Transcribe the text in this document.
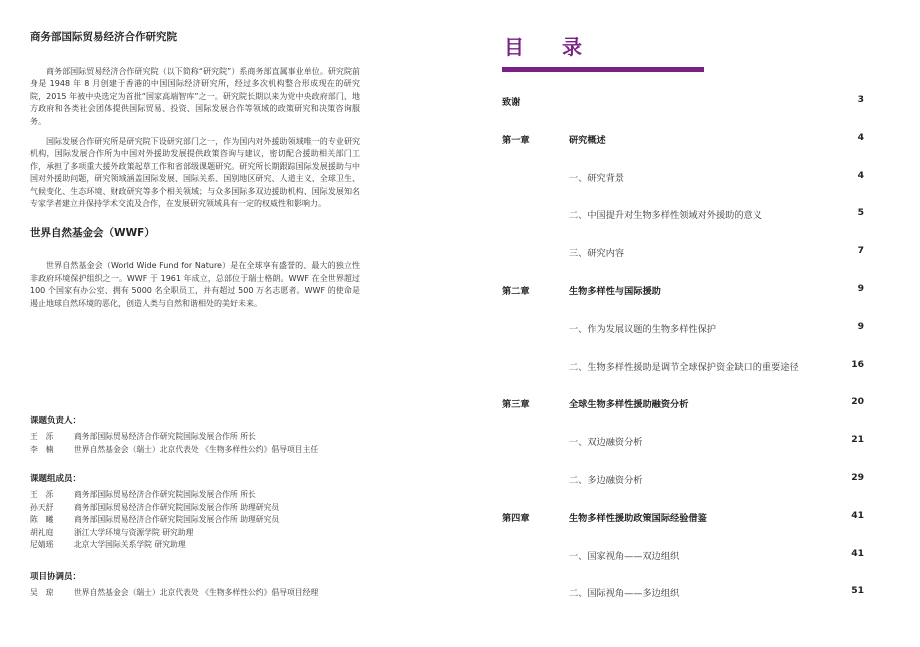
商务部国际贸易经济合作研究院

商务部国际贸易经济合作研究院（以下简称“研究院”）系商务部直属事业单位。研究院前身是 1948 年 8 月创建于香港的中国国际经济研究所，经过多次机构整合形成现在的研究院，2015 年被中央选定为首批“国家高端智库”之一。研究院长期以来为党中央政府部门、地方政府和各类社会团体提供国际贸易、投资、国际发展合作等领域的政策研究和决策咨询服务。

国际发展合作研究所是研究院下设研究部门之一，作为国内对外援助领域唯一的专业研究机构，国际发展合作所为中国对外援助发展提供政策咨询与建议，密切配合援助相关部门工作，承担了多项重大援外政策起草工作和省部级课题研究。研究所长期跟踪国际发展援助与中国对外援助问题，研究领域涵盖国际发展、国际关系、国别地区研究、人道主义、全球卫生、气候变化、生态环境、财政研究等多个相关领域；与众多国际多双边援助机构、国际发展知名专家学者建立并保持学术交流及合作，在发展研究领域具有一定的权威性和影响力。

世界自然基金会（WWF）

世界自然基金会（World Wide Fund for Nature）是在全球享有盛誉的、最大的独立性非政府环境保护组织之一。WWF 于 1961 年成立，总部位于瑞士格朗。WWF 在全世界超过 100 个国家有办公室、拥有 5000 名全职员工，并有超过 500 万名志愿者。WWF 的使命是遏止地球自然环境的恶化，创造人类与自然和谐相处的美好未来。

课题负责人：
王　泺	商务部国际贸易经济合作研究院国际发展合作所 所长
李　楠	世界自然基金会（瑞士）北京代表处 《生物多样性公约》倡导项目主任
课题组成员：
王　泺	商务部国际贸易经济合作研究院国际发展合作所 所长
孙天舒	商务部国际贸易经济合作研究院国际发展合作所 助理研究员
陈　曦	商务部国际贸易经济合作研究院国际发展合作所 助理研究员
胡礼庭	浙江大学环境与资源学院 研究助理
尼婧瑶	北京大学国际关系学院 研究助理
项目协调员：
吴　琼	世界自然基金会（瑞士）北京代表处 《生物多样性公约》倡导项目经理
目录
致谢	3
第一章	研究概述	4
一、研究背景	4
二、中国提升对生物多样性领域对外援助的意义	5
三、研究内容	7
第二章	生物多样性与国际援助	9
一、作为发展议题的生物多样性保护	9
二、生物多样性援助是调节全球保护资金缺口的重要途径	16
第三章	全球生物多样性援助融资分析	20
一、双边融资分析	21
二、多边融资分析	29
第四章	生物多样性援助政策国际经验借鉴	41
一、国家视角——双边组织	41
二、国际视角——多边组织	51
